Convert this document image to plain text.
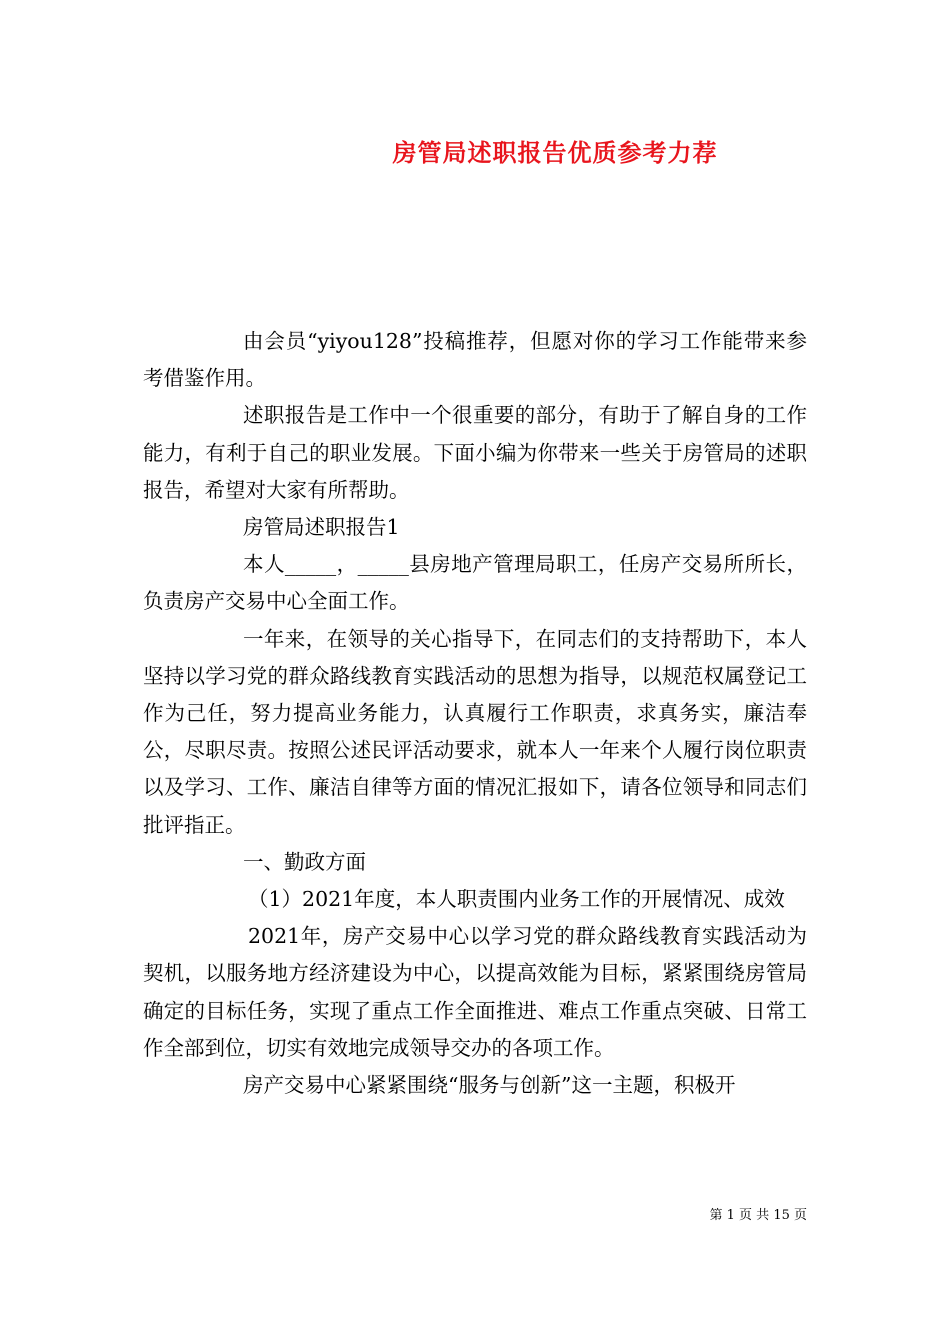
房管局述职报告优质参考力荐

由会员“yiyou128”投稿推荐，但愿对你的学习工作能带来参考借鉴作用。

述职报告是工作中一个很重要的部分，有助于了解自身的工作能力，有利于自己的职业发展。下面小编为你带来一些关于房管局的述职报告，希望对大家有所帮助。

房管局述职报告1

本人_____，_____县房地产管理局职工，任房产交易所所长，负责房产交易中心全面工作。

一年来，在领导的关心指导下，在同志们的支持帮助下，本人坚持以学习党的群众路线教育实践活动的思想为指导，以规范权属登记工作为己任，努力提高业务能力，认真履行工作职责，求真务实，廉洁奉公，尽职尽责。按照公述民评活动要求，就本人一年来个人履行岗位职责以及学习、工作、廉洁自律等方面的情况汇报如下，请各位领导和同志们批评指正。

一、勤政方面

（1）2021年度，本人职责围内业务工作的开展情况、成效

2021年，房产交易中心以学习党的群众路线教育实践活动为契机，以服务地方经济建设为中心，以提高效能为目标，紧紧围绕房管局确定的目标任务，实现了重点工作全面推进、难点工作重点突破、日常工作全部到位，切实有效地完成领导交办的各项工作。

房产交易中心紧紧围绕“服务与创新”这一主题，积极开

第 1 页 共 15 页
